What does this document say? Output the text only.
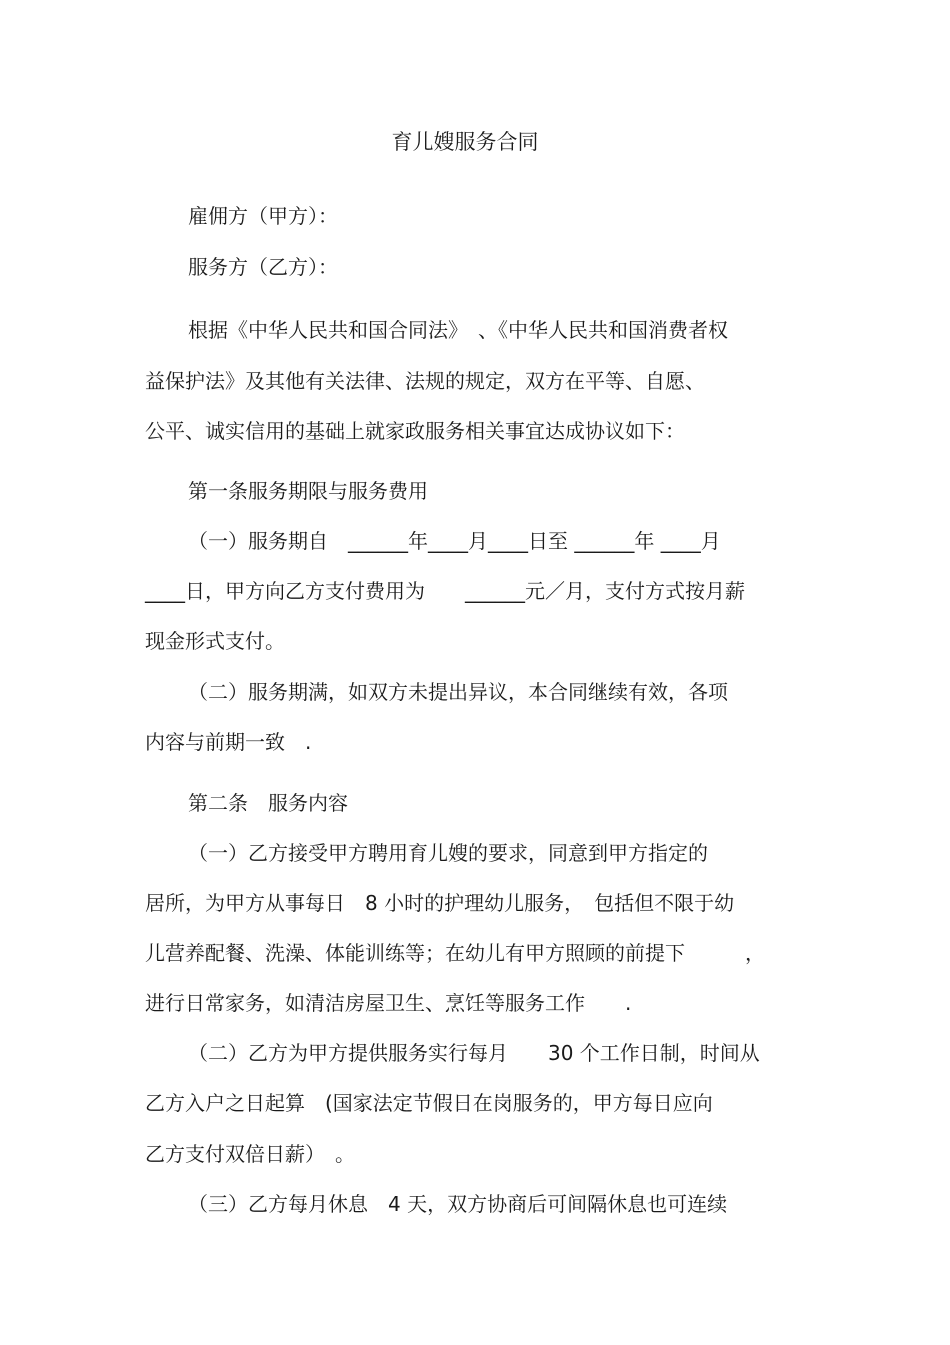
育儿嫂服务合同
雇佣方（甲方）：
服务方（乙方）：
根据《中华人民共和国合同法》　、《中华人民共和国消费者权
益保护法》及其他有关法律、法规的规定，双方在平等、自愿、
公平、诚实信用的基础上就家政服务相关事宜达成协议如下：
第一条服务期限与服务费用
（一）服务期自　______年____月____日至 ______年 ____月
____日，甲方向乙方支付费用为　　______元／月，支付方式按月薪
现金形式支付。
（二）服务期满，如双方未提出异议，本合同继续有效，各项
内容与前期一致　.
第二条　服务内容
（一）乙方接受甲方聘用育儿嫂的要求，同意到甲方指定的
居所，为甲方从事每日　8 小时的护理幼儿服务，　包括但不限于幼
儿营养配餐、洗澡、体能训练等；在幼儿有甲方照顾的前提下　　　，
进行日常家务，如清洁房屋卫生、烹饪等服务工作　　.
（二）乙方为甲方提供服务实行每月　　30 个工作日制，时间从
乙方入户之日起算　(国家法定节假日在岗服务的，甲方每日应向
乙方支付双倍日薪）　。
（三）乙方每月休息　4 天，双方协商后可间隔休息也可连续
